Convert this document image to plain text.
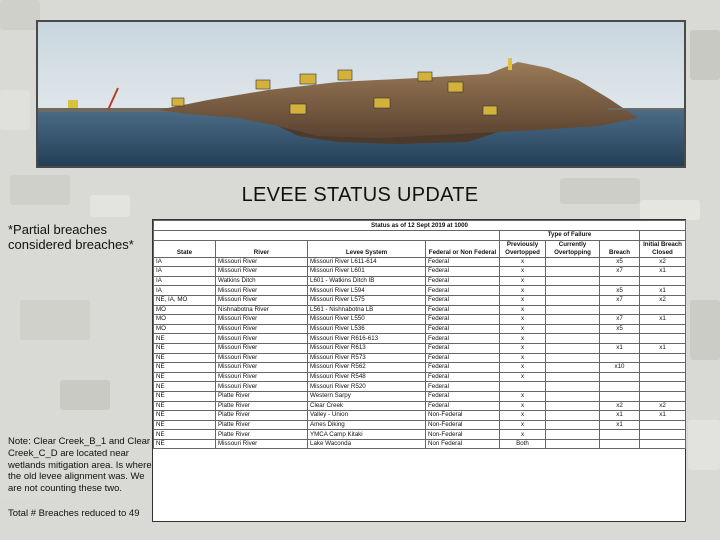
LEVEE STATUS UPDATE
*Partial breaches considered breaches*
Note: Clear Creek_B_1 and Clear Creek_C_D are located near wetlands mitigation area. Is where the old levee alignment was. We are not counting these two.
Total # Breaches reduced to 49
Status as of 12 Sept 2019 at 1000							
				Type of Failure			
State	River	Levee System	Federal or Non Federal	Previously Overtopped	Currently Overtopping	Breach	Initial Breach Closed
IA	Missouri River	Missouri River L611-614	Federal	x		x5	x2
IA	Missouri River	Missouri River L601	Federal	x		x7	x1
IA	Watkins Ditch	L601 - Watkins Ditch IB	Federal	x			
IA	Missouri River	Missouri River L594	Federal	x		x5	x1
NE, IA, MO	Missouri River	Missouri River L575	Federal	x		x7	x2
MO	Nishnabotna River	L561 - Nishnabotna LB	Federal	x			
MO	Missouri River	Missouri River L550	Federal	x		x7	x1
MO	Missouri River	Missouri River L536	Federal	x		x5	
NE	Missouri River	Missouri River R616-613	Federal	x			
NE	Missouri River	Missouri River R613	Federal	x		x1	x1
NE	Missouri River	Missouri River R573	Federal	x			
NE	Missouri River	Missouri River R562	Federal	x		x10	
NE	Missouri River	Missouri River R548	Federal	x			
NE	Missouri River	Missouri River R520	Federal				
NE	Platte River	Western Sarpy	Federal	x			
NE	Platte River	Clear Creek	Federal	x		x2	x2
NE	Platte River	Valley - Union	Non-Federal	x		x1	x1
NE	Platte River	Ames Diking	Non-Federal	x		x1	
NE	Platte River	YMCA Camp Kitaki	Non-Federal	x			
NE	Missouri River	Lake Waconda	Non Federal	Both			
